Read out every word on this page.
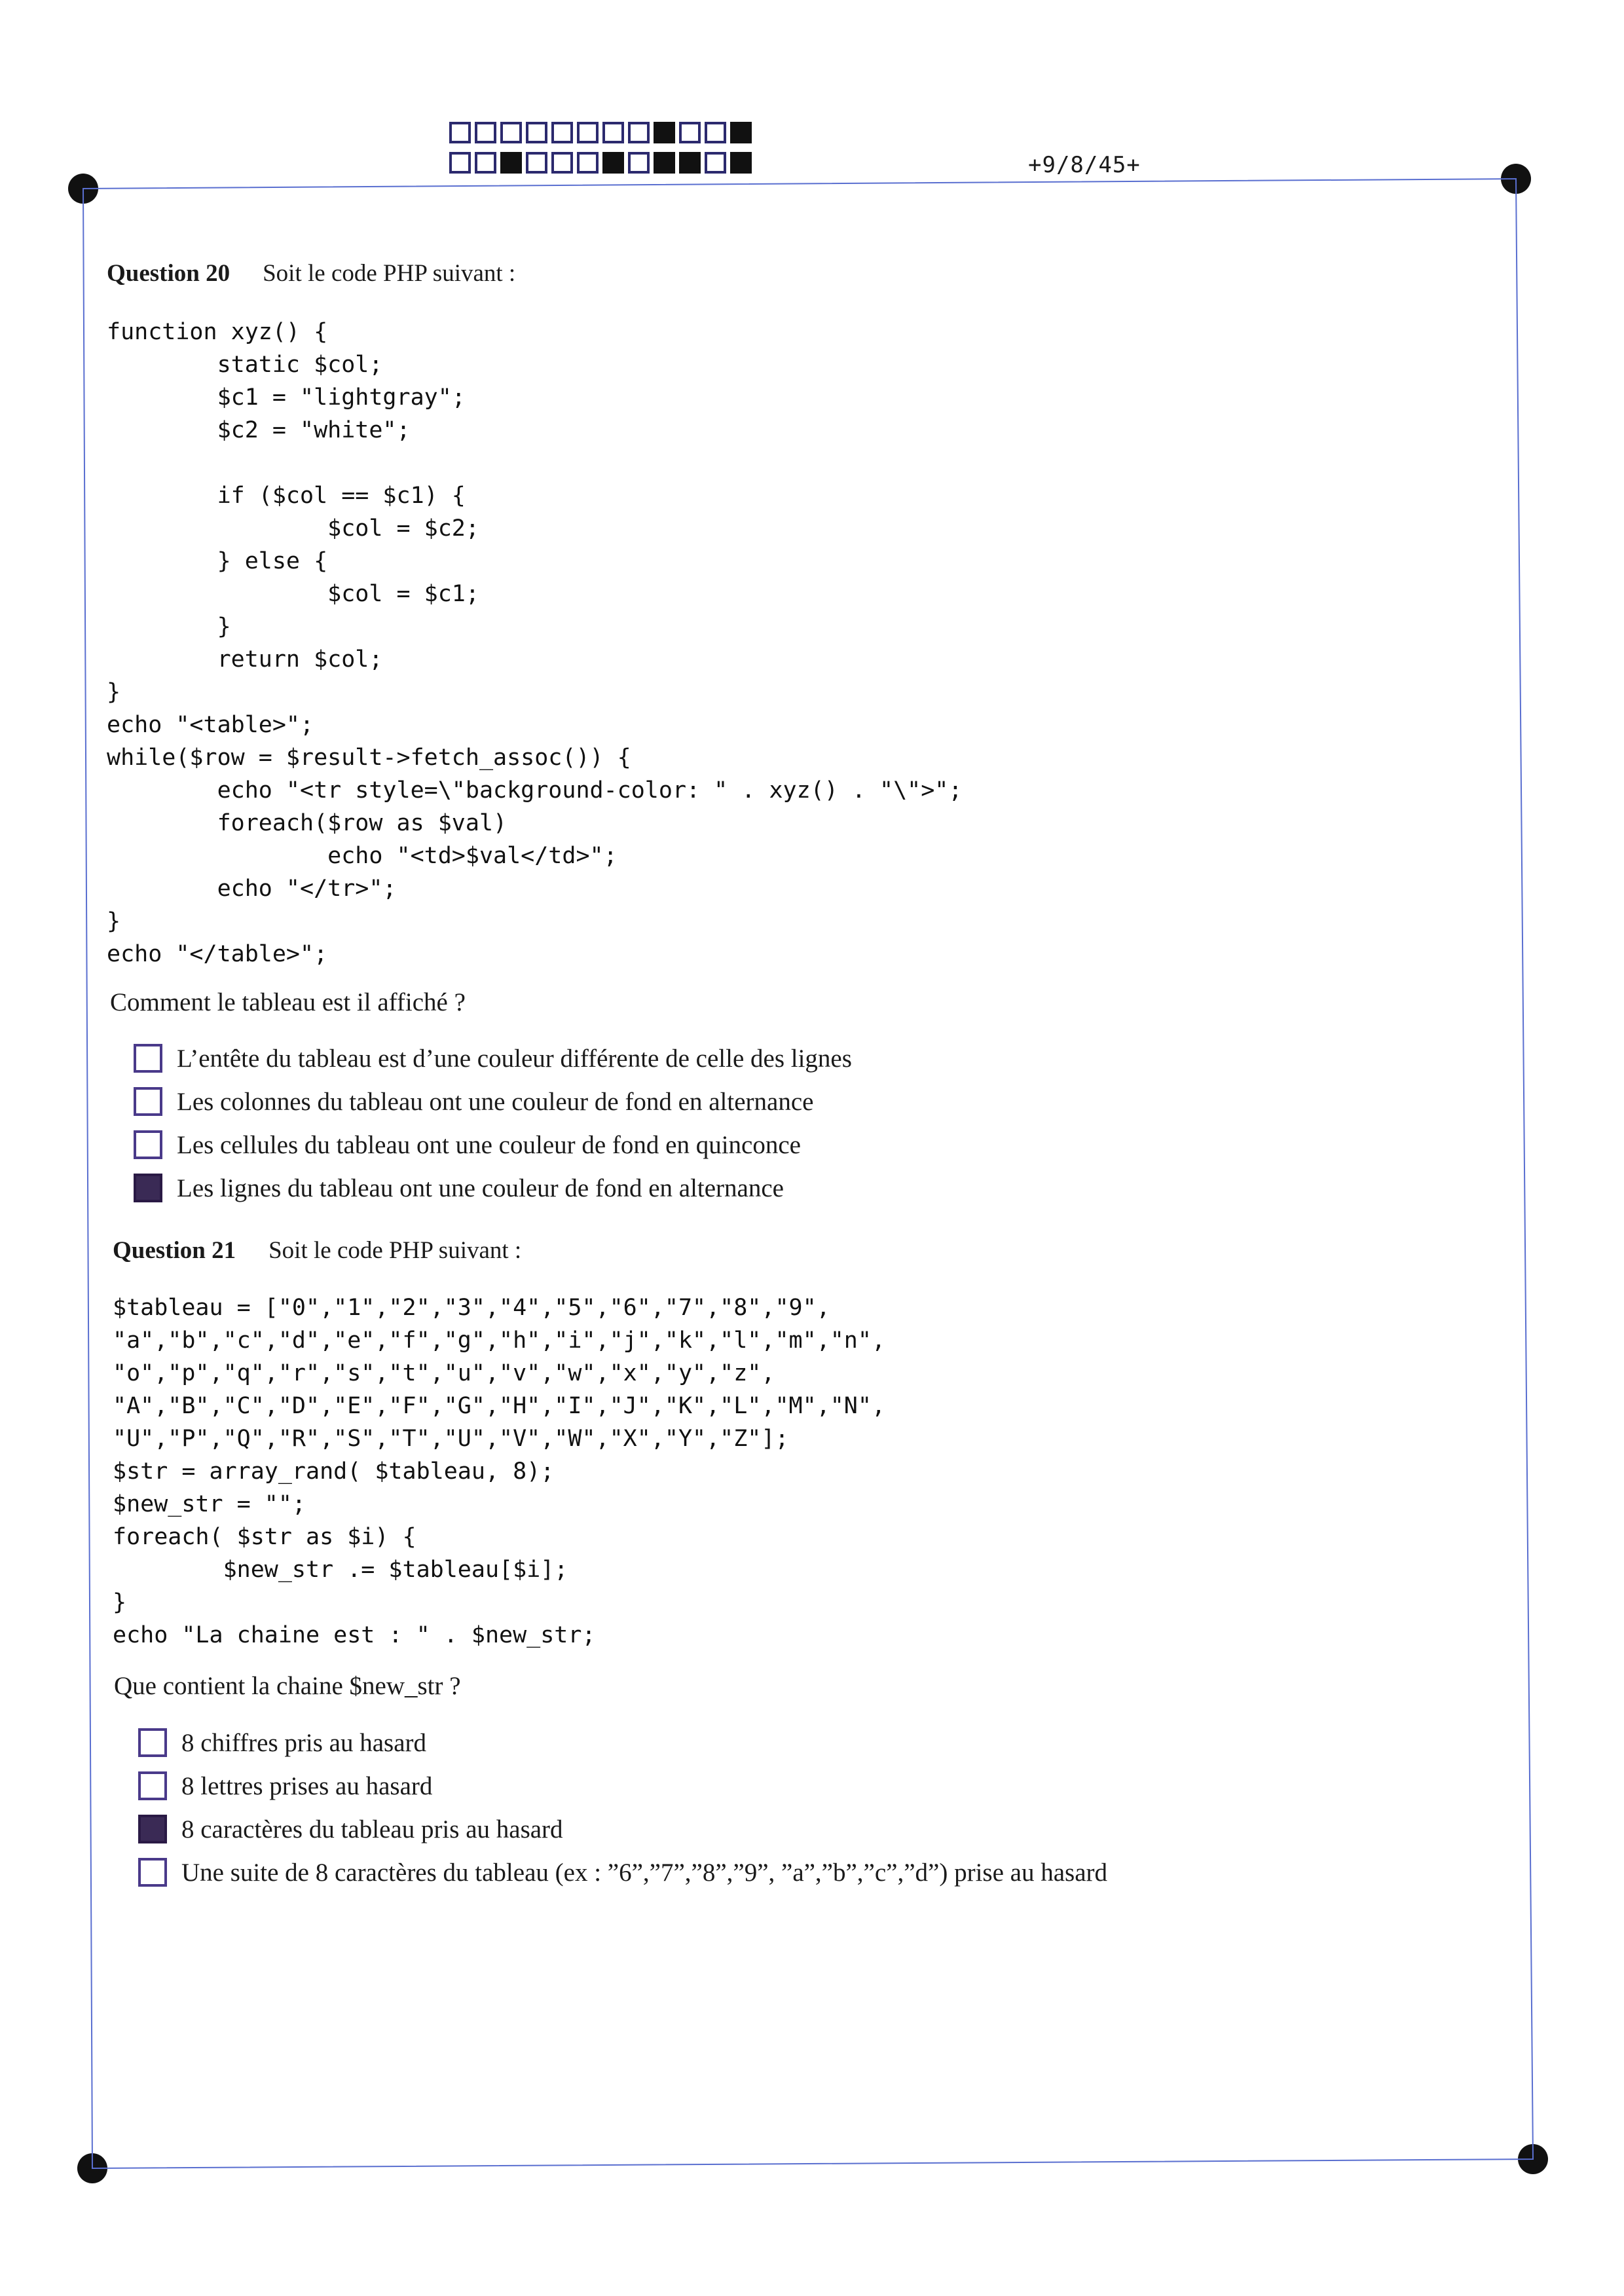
+9/8/45+
Question 20 Soit le code PHP suivant :
function xyz() {
static $col;
$c1 = "lightgray";
$c2 = "white";

if ($col == $c1) {
$col = $c2;
} else {
$col = $c1;
}
return $col;
}
echo "<table>";
while($row = $result->fetch_assoc()) {
echo "<tr style=\"background-color: " . xyz() . "\">";
foreach($row as $val)
echo "<td>$val</td>";
echo "</tr>";
}
echo "</table>";
Comment le tableau est il affiché ?
L’entête du tableau est d’une couleur différente de celle des lignes
Les colonnes du tableau ont une couleur de fond en alternance
Les cellules du tableau ont une couleur de fond en quinconce
Les lignes du tableau ont une couleur de fond en alternance
Question 21 Soit le code PHP suivant :
$tableau = ["0","1","2","3","4","5","6","7","8","9",
"a","b","c","d","e","f","g","h","i","j","k","l","m","n",
"o","p","q","r","s","t","u","v","w","x","y","z",
"A","B","C","D","E","F","G","H","I","J","K","L","M","N",
"U","P","Q","R","S","T","U","V","W","X","Y","Z"];
$str = array_rand( $tableau, 8);
$new_str = "";
foreach( $str as $i) {
$new_str .= $tableau[$i];
}
echo "La chaine est : " . $new_str;
Que contient la chaine $new_str ?
8 chiffres pris au hasard
8 lettres prises au hasard
8 caractères du tableau pris au hasard
Une suite de 8 caractères du tableau (ex : ”6”,”7”,”8”,”9”, ”a”,”b”,”c”,”d”) prise au hasard
